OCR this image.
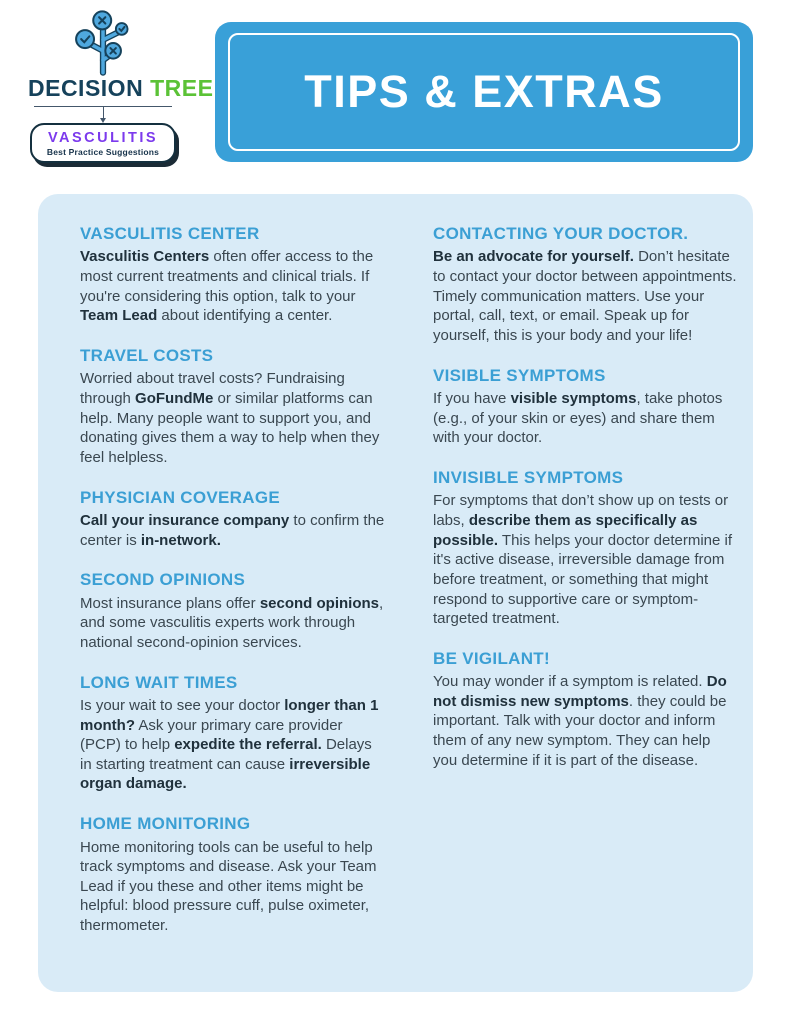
DECISION TREE
VASCULITIS
Best Practice Suggestions
TIPS & EXTRAS
VASCULITIS CENTER

Vasculitis Centers often offer access to the most current treatments and clinical trials. If you're considering this option, talk to your Team Lead about identifying a center.

TRAVEL COSTS

Worried about travel costs? Fundraising through GoFundMe or similar platforms can help. Many people want to support you, and donating gives them a way to help when they feel helpless.

PHYSICIAN COVERAGE

Call your insurance company to confirm the center is in-network.

SECOND OPINIONS

Most insurance plans offer second opinions, and some vasculitis experts work through national second-opinion services.

LONG WAIT TIMES

Is your wait to see your doctor longer than 1 month? Ask your primary care provider (PCP) to help expedite the referral. Delays in starting treatment can cause irreversible organ damage.

HOME MONITORING

Home monitoring tools can be useful to help track symptoms and disease. Ask your Team Lead if you these and other items might be helpful: blood pressure cuff, pulse oximeter, thermometer.

CONTACTING YOUR DOCTOR.

Be an advocate for yourself. Don’t hesitate to contact your doctor between appointments. Timely communication matters. Use your portal, call, text, or email. Speak up for yourself, this is your body and your life!

VISIBLE SYMPTOMS

If you have visible symptoms, take photos (e.g., of your skin or eyes) and share them with your doctor.

INVISIBLE SYMPTOMS

For symptoms that don’t show up on tests or labs, describe them as specifically as possible. This helps your doctor determine if it's active disease, irreversible damage from before treatment, or something that might respond to supportive care or symptom-targeted treatment.

BE VIGILANT!

You may wonder if a symptom is related. Do not dismiss new symptoms. they could be important. Talk with your doctor and inform them of any new symptom. They can help you determine if it is part of the disease.
